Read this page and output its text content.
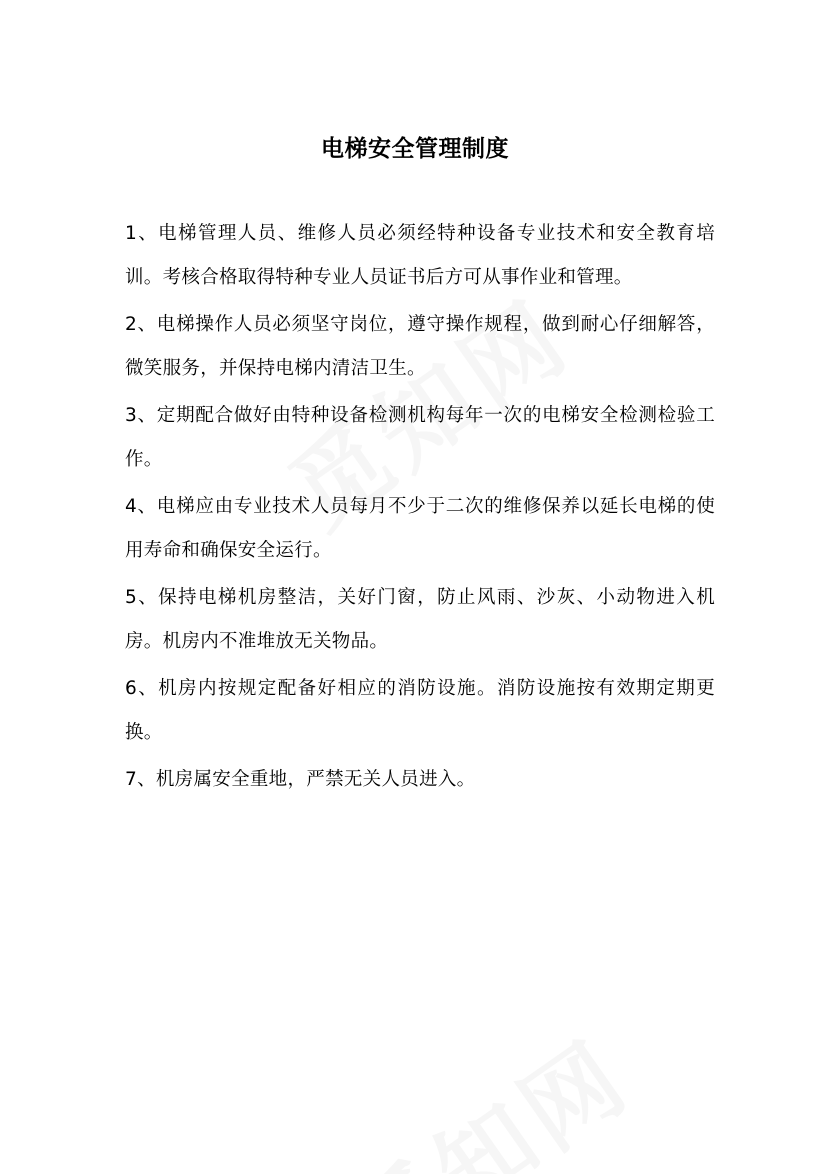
电梯安全管理制度
1、电梯管理人员、维修人员必须经特种设备专业技术和安全教育培训。考核合格取得特种专业人员证书后方可从事作业和管理。
2、电梯操作人员必须坚守岗位，遵守操作规程，做到耐心仔细解答，微笑服务，并保持电梯内清洁卫生。
3、定期配合做好由特种设备检测机构每年一次的电梯安全检测检验工作。
4、电梯应由专业技术人员每月不少于二次的维修保养以延长电梯的使用寿命和确保安全运行。
5、保持电梯机房整洁，关好门窗，防止风雨、沙灰、小动物进入机房。机房内不准堆放无关物品。
6、机房内按规定配备好相应的消防设施。消防设施按有效期定期更换。
7、机房属安全重地，严禁无关人员进入。
